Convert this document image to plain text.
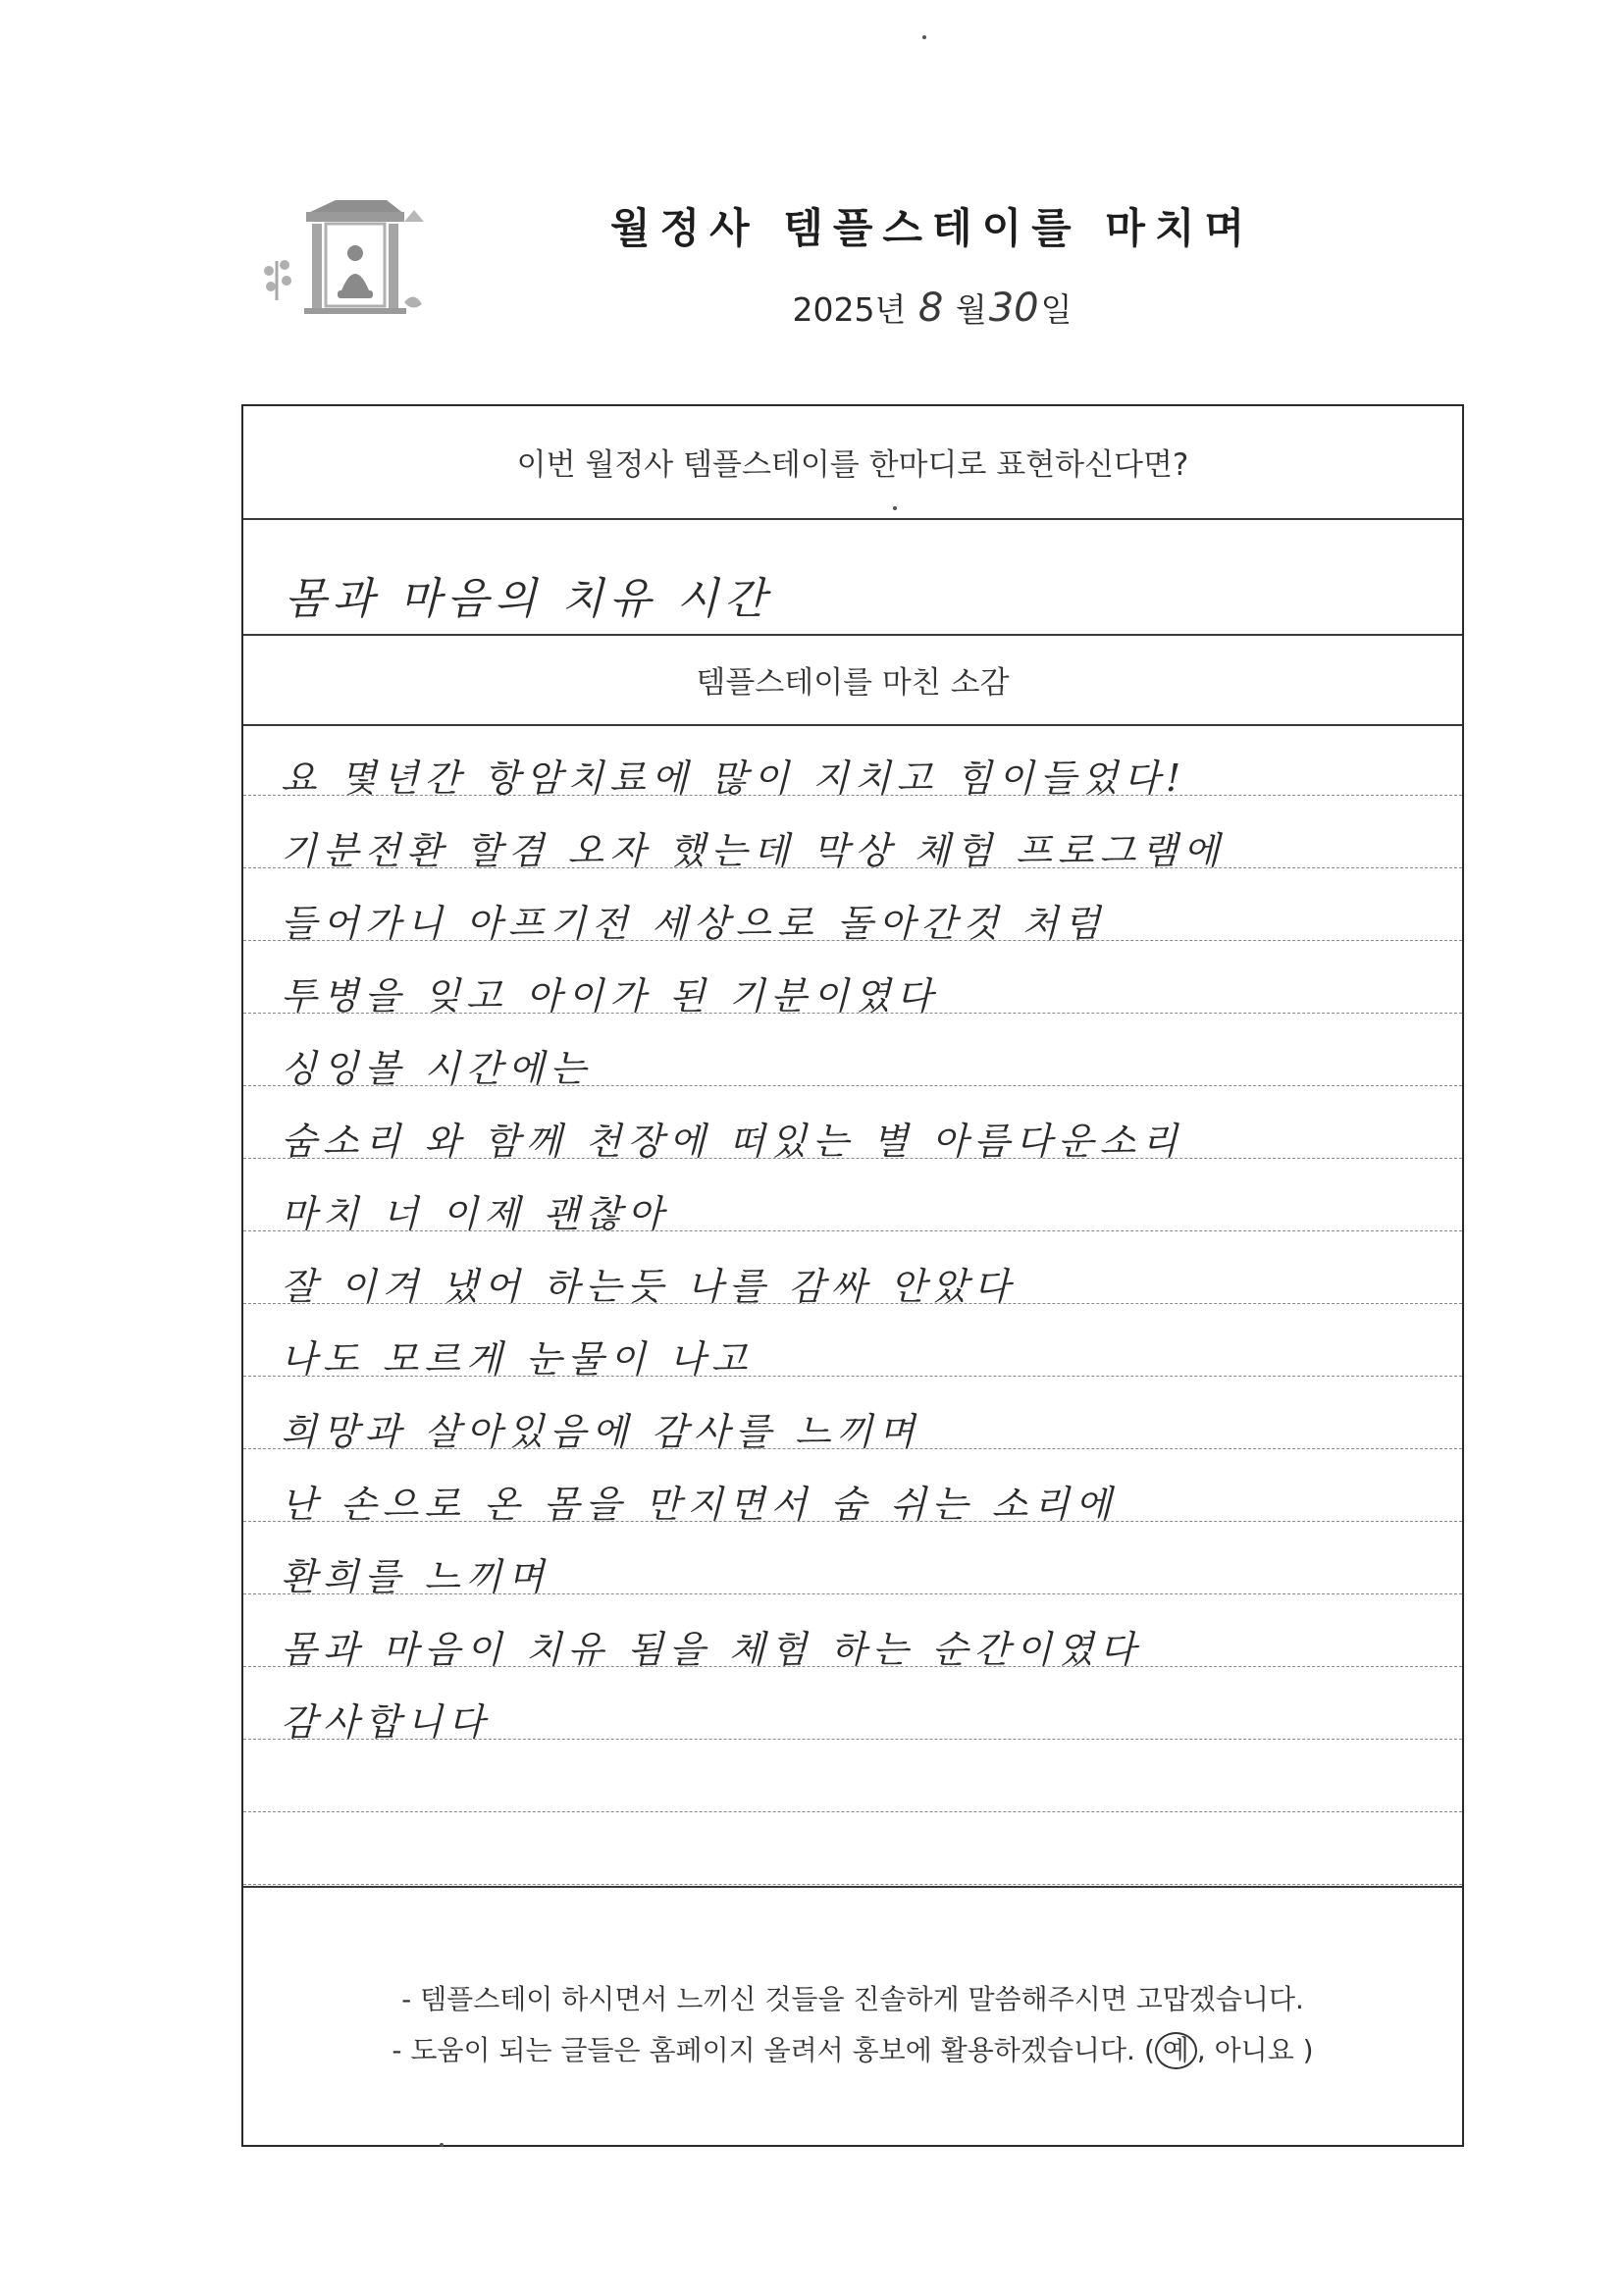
월정사 템플스테이를 마치며
2025년 8 월30일
이번 월정사 템플스테이를 한마디로 표현하신다면?
몸과 마음의 치유 시간
템플스테이를 마친 소감
요 몇년간 항암치료에 많이 지치고 힘이들었다!
기분전환 할겸 오자 했는데 막상 체험 프로그램에
들어가니 아프기전 세상으로 돌아간것 처럼
투병을 잊고 아이가 된 기분이였다
싱잉볼 시간에는
숨소리 와 함께 천장에 떠있는 별 아름다운소리
마치 너 이제 괜찮아
잘 이겨 냈어 하는듯 나를 감싸 안았다
나도 모르게 눈물이 나고
희망과 살아있음에 감사를 느끼며
난 손으로 온 몸을 만지면서 숨 쉬는 소리에
환희를 느끼며
몸과 마음이 치유 됨을 체험 하는 순간이였다
감사합니다
- 템플스테이 하시면서 느끼신 것들을 진솔하게 말씀해주시면 고맙겠습니다.
- 도움이 되는 글들은 홈페이지 올려서 홍보에 활용하겠습니다. ( 예 , 아니요 )
